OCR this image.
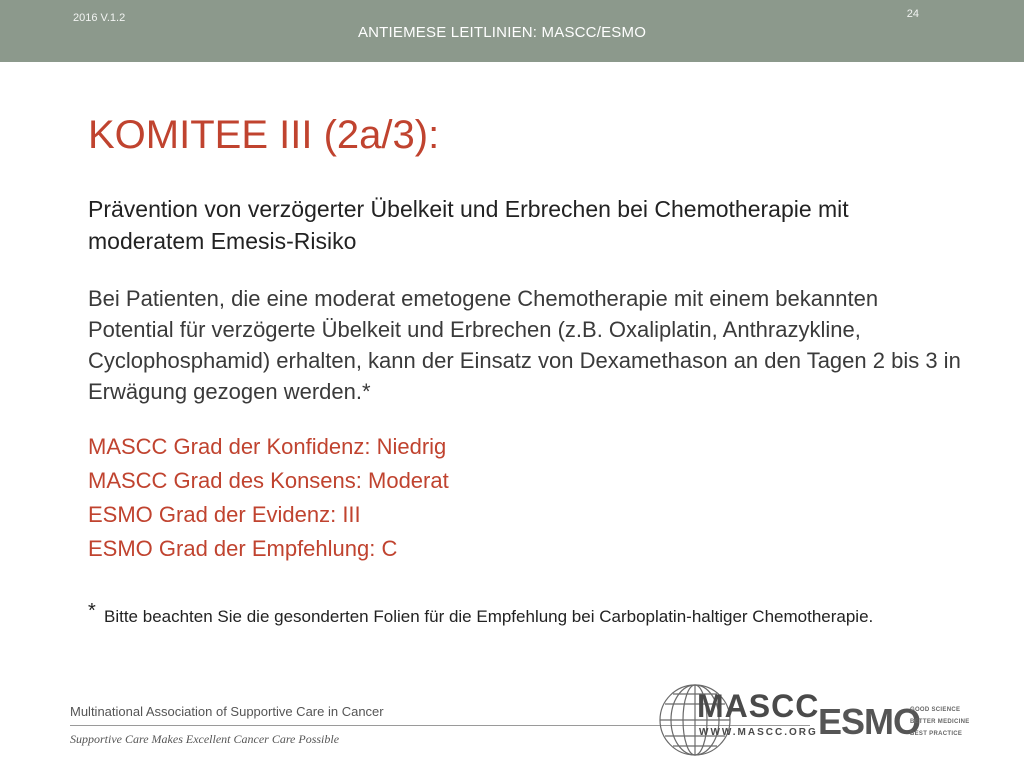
2016 V.1.2
ANTIEMESE LEITLINIEN: MASCC/ESMO
24
KOMITEE III (2a/3):
Prävention von verzögerter Übelkeit und Erbrechen bei Chemotherapie mit moderatem Emesis-Risiko
Bei Patienten, die eine moderat emetogene Chemotherapie mit einem bekannten Potential für verzögerte Übelkeit und Erbrechen (z.B. Oxaliplatin, Anthrazykline, Cyclophosphamid) erhalten, kann der Einsatz von Dexamethason an den Tagen 2 bis 3 in Erwägung gezogen werden.*
MASCC Grad der Konfidenz: Niedrig
MASCC Grad des Konsens: Moderat
ESMO Grad der Evidenz: III
ESMO Grad der Empfehlung: C
* Bitte beachten Sie die gesonderten Folien für die Empfehlung bei Carboplatin-haltiger Chemotherapie.
Multinational Association of Supportive Care in Cancer
Supportive Care Makes Excellent Cancer Care Possible
MASCC
WWW.MASCC.ORG ESMO
GOOD SCIENCE
BETTER MEDICINE
BEST PRACTICE
